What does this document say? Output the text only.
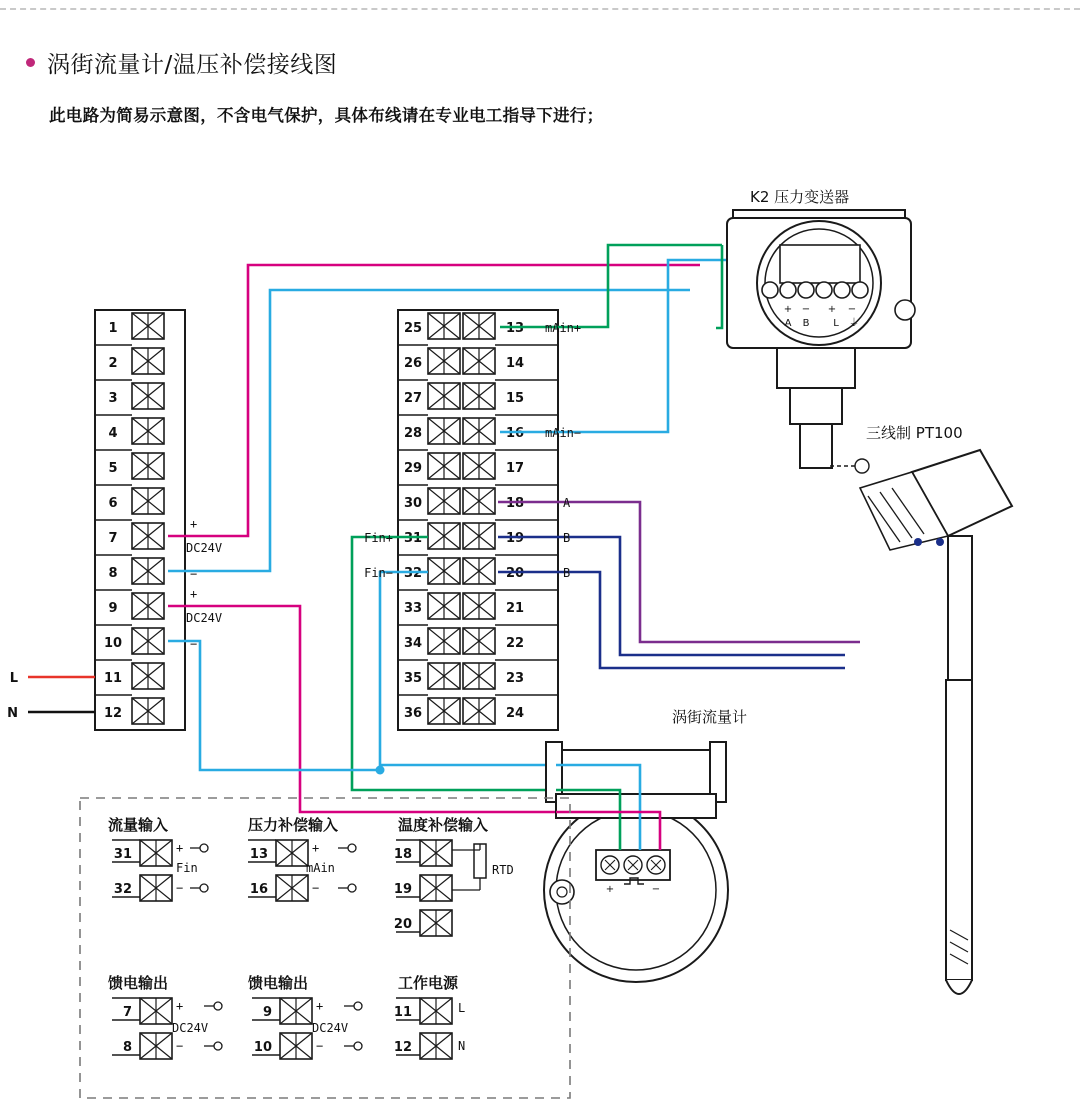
涡街流量计/温压补偿接线图
此电路为简易示意图，不含电气保护，具体布线请在专业电工指导下进行；
1
2
3
4
5
6
7
8
9
10
11
12
25
26
27
28
29
30
31
32
33
34
35
36
13
14
15
16
17
18
19
20
21
22
23
24
+
DC24V
−
+
DC24V
−
L
N
mAin+
mAin−
Fin+
Fin−
A
B
B
K2 压力变送器
+ − + −
A B L ⏚
三线制 PT100
涡街流量计
+	−
流量输入
31
32
+
−
Fin
压力补偿输入
13
16
+
−
mAin
温度补偿输入
18
19
20
RTD
馈电输出
7
8
+
−
DC24V
馈电输出
9
10
+
−
DC24V
工作电源
11
12
L
N
